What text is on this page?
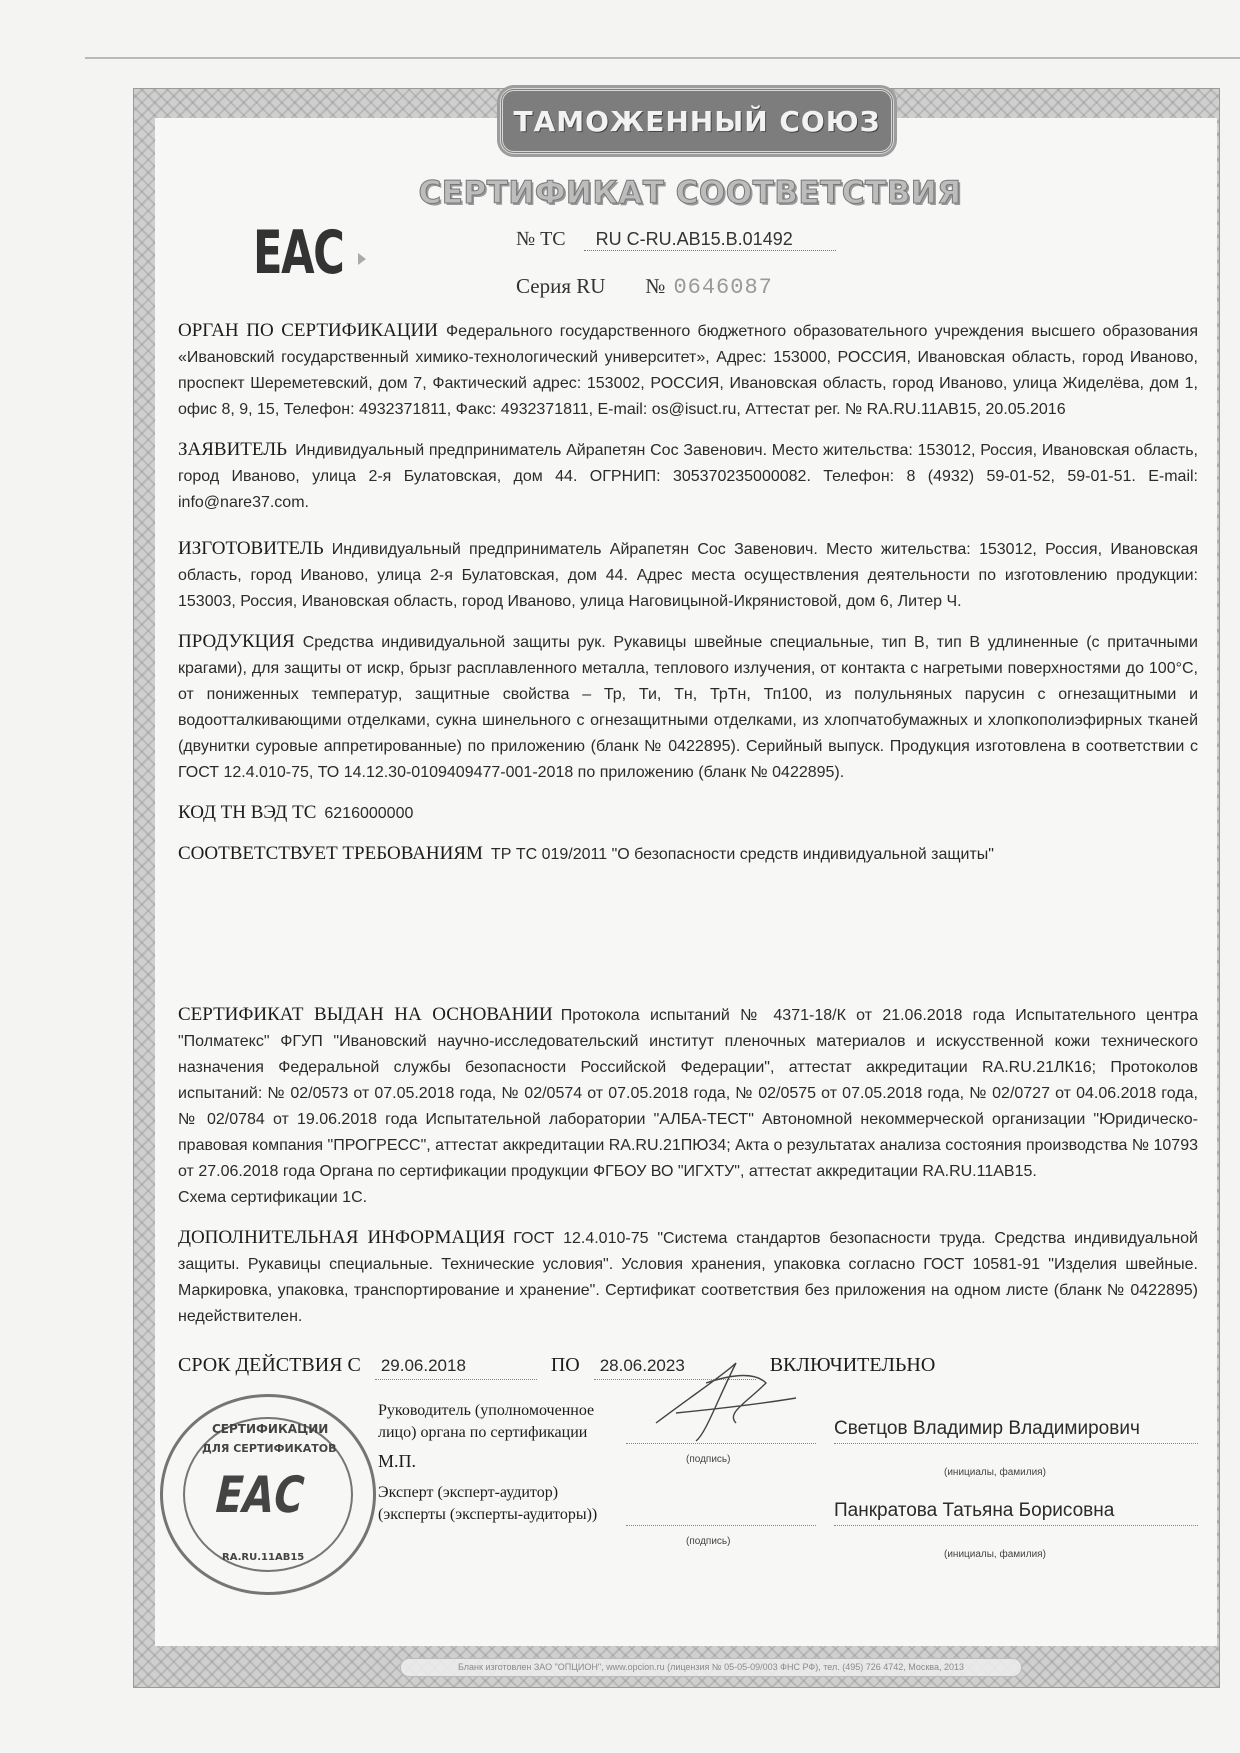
ТАМОЖЕННЫЙ СОЮЗ
СЕРТИФИКАТ СООТВЕТСТВИЯ
EAC	№ ТС	RU C-RU.АВ15.В.01492
Серия RU № 0646087
ОРГАН ПО СЕРТИФИКАЦИИ Федерального государственного бюджетного образовательного учреждения высшего образования «Ивановский государственный химико-технологический университет», Адрес: 153000, РОССИЯ, Ивановская область, город Иваново, проспект Шереметевский, дом 7, Фактический адрес: 153002, РОССИЯ, Ивановская область, город Иваново, улица Жиделёва, дом 1, офис 8, 9, 15, Телефон: 4932371811, Факс: 4932371811, E-mail: os@isuct.ru, Аттестат рег. № RA.RU.11АВ15, 20.05.2016
ЗАЯВИТЕЛЬ Индивидуальный предприниматель Айрапетян Сос Завенович. Место жительства: 153012, Россия, Ивановская область, город Иваново, улица 2-я Булатовская, дом 44. ОГРНИП: 305370235000082. Телефон: 8 (4932) 59-01-52, 59-01-51. E-mail: info@nare37.com.
ИЗГОТОВИТЕЛЬ Индивидуальный предприниматель Айрапетян Сос Завенович. Место жительства: 153012, Россия, Ивановская область, город Иваново, улица 2-я Булатовская, дом 44. Адрес места осуществления деятельности по изготовлению продукции: 153003, Россия, Ивановская область, город Иваново, улица Наговицыной-Икрянистовой, дом 6, Литер Ч.
ПРОДУКЦИЯ Средства индивидуальной защиты рук. Рукавицы швейные специальные, тип В, тип В удлиненные (с притачными крагами), для защиты от искр, брызг расплавленного металла, теплового излучения, от контакта с нагретыми поверхностями до 100°С, от пониженных температур, защитные свойства – Тр, Ти, Тн, ТрТн, Тп100, из полульняных парусин с огнезащитными и водоотталкивающими отделками, сукна шинельного с огнезащитными отделками, из хлопчатобумажных и хлопкополиэфирных тканей (двунитки суровые аппретированные) по приложению (бланк № 0422895). Серийный выпуск. Продукция изготовлена в соответствии с ГОСТ 12.4.010-75, ТО 14.12.30-0109409477-001-2018 по приложению (бланк № 0422895).
КОД ТН ВЭД ТС 6216000000
СООТВЕТСТВУЕТ ТРЕБОВАНИЯМ ТР ТС 019/2011 "О безопасности средств индивидуальной защиты"
СЕРТИФИКАТ ВЫДАН НА ОСНОВАНИИ Протокола испытаний № 4371-18/К от 21.06.2018 года Испытательного центра "Полматекс" ФГУП "Ивановский научно-исследовательский институт пленочных материалов и искусственной кожи технического назначения Федеральной службы безопасности Российской Федерации", аттестат аккредитации RA.RU.21ЛК16; Протоколов испытаний: № 02/0573 от 07.05.2018 года, № 02/0574 от 07.05.2018 года, № 02/0575 от 07.05.2018 года, № 02/0727 от 04.06.2018 года, № 02/0784 от 19.06.2018 года Испытательной лаборатории "АЛБА-ТЕСТ" Автономной некоммерческой организации "Юридическо-правовая компания "ПРОГРЕСС", аттестат аккредитации RA.RU.21ПЮ34; Акта о результатах анализа состояния производства № 10793 от 27.06.2018 года Органа по сертификации продукции ФГБОУ ВО "ИГХТУ", аттестат аккредитации RA.RU.11АВ15.
Схема сертификации 1С.
ДОПОЛНИТЕЛЬНАЯ ИНФОРМАЦИЯ ГОСТ 12.4.010-75 "Система стандартов безопасности труда. Средства индивидуальной защиты. Рукавицы специальные. Технические условия". Условия хранения, упаковка согласно ГОСТ 10581-91 "Изделия швейные. Маркировка, упаковка, транспортирование и хранение". Сертификат соответствия без приложения на одном листе (бланк № 0422895) недействителен.
СРОК ДЕЙСТВИЯ С	29.06.2018	ПО	28.06.2023	ВКЛЮЧИТЕЛЬНО
Руководитель (уполномоченное
лицо) органа по сертификации
(подпись)
Светцов Владимир Владимирович
(инициалы, фамилия)
М.П.
Эксперт (эксперт-аудитор)
(эксперты (эксперты-аудиторы))
(подпись)
Панкратова Татьяна Борисовна
(инициалы, фамилия)
СЕРТИФИКАЦИИ
ДЛЯ СЕРТИФИКАТОВ
EAC
RA.RU.11АВ15
Бланк изготовлен ЗАО "ОПЦИОН", www.opcion.ru (лицензия № 05-05-09/003 ФНС РФ), тел. (495) 726 4742, Москва, 2013
